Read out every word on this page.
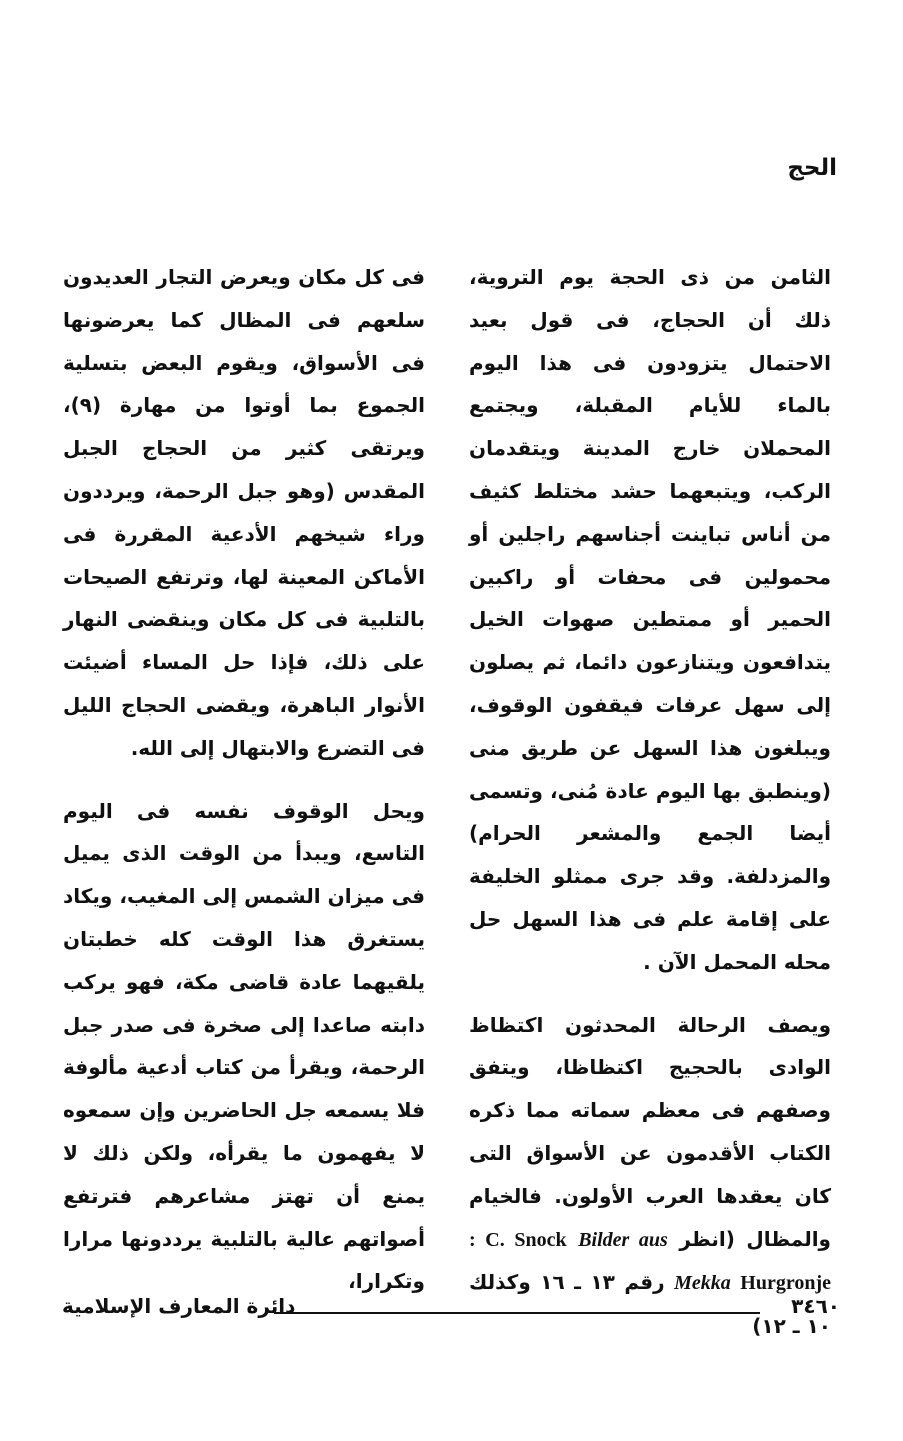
الحج

الثامن من ذى الحجة يوم التروية، ذلك أن الحجاج، فى قول بعيد الاحتمال يتزودون فى هذا اليوم بالماء للأيام المقبلة، ويجتمع المحملان خارج المدينة ويتقدمان الركب، ويتبعهما حشد مختلط كثيف من أناس تباينت أجناسهم راجلين أو محمولين فى محفات أو راكبين الحمير أو ممتطين صهوات الخيل يتدافعون ويتنازعون دائما، ثم يصلون إلى سهل عرفات فيقفون الوقوف، ويبلغون هذا السهل عن طريق منى (وينطبق بها اليوم عادة مُنى، وتسمى أيضا الجمع والمشعر الحرام) والمزدلفة. وقد جرى ممثلو الخليفة على إقامة علم فى هذا السهل حل محله المحمل الآن .

ويصف الرحالة المحدثون اكتظاظ الوادى بالحجيج اكتظاظا، ويتفق وصفهم فى معظم سماته مما ذكره الكتاب الأقدمون عن الأسواق التى كان يعقدها العرب الأولون. فالخيام والمظال (انظر Bilder aus : C. Snock Hurgronje Mekka رقم ١٣ ـ ١٦ وكذلك ١٠ ـ ١٢)

فى كل مكان ويعرض التجار العديدون سلعهم فى المظال كما يعرضونها فى الأسواق، ويقوم البعض بتسلية الجموع بما أوتوا من مهارة (٩)، ويرتقى كثير من الحجاج الجبل المقدس (وهو جبل الرحمة، ويرددون وراء شيخهم الأدعية المقررة فى الأماكن المعينة لها، وترتفع الصيحات بالتلبية فى كل مكان وينقضى النهار على ذلك، فإذا حل المساء أضيئت الأنوار الباهرة، ويقضى الحجاج الليل فى التضرع والابتهال إلى الله.

ويحل الوقوف نفسه فى اليوم التاسع، ويبدأ من الوقت الذى يميل فى ميزان الشمس إلى المغيب، ويكاد يستغرق هذا الوقت كله خطبتان يلقيهما عادة قاضى مكة، فهو يركب دابته صاعدا إلى صخرة فى صدر جبل الرحمة، ويقرأ من كتاب أدعية مألوفة فلا يسمعه جل الحاضرين وإن سمعوه لا يفهمون ما يقرأه، ولكن ذلك لا يمنع أن تهتز مشاعرهم فترتفع أصواتهم عالية بالتلبية يرددونها مرارا وتكرارا،

٣٤٦٠
دائرة المعارف الإسلامية
